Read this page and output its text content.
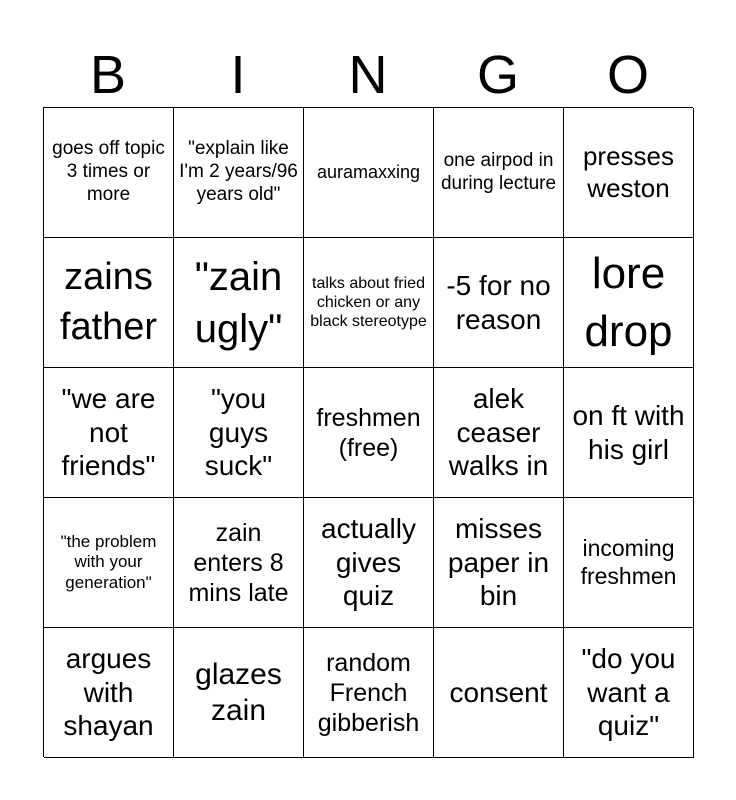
B	I	N	G	O
goes off topic 3 times or more
"explain like I'm 2 years/96 years old"
auramaxxing
one airpod in during lecture
presses weston
zains father
"zain ugly"
talks about fried chicken or any black stereotype
-5 for no reason
lore drop
"we are not friends"
"you guys suck"
freshmen (free)
alek ceaser walks in
on ft with his girl
"the problem with your generation"
zain enters 8 mins late
actually gives quiz
misses paper in bin
incoming freshmen
argues with shayan
glazes zain
random French gibberish
consent
"do you want a quiz"
